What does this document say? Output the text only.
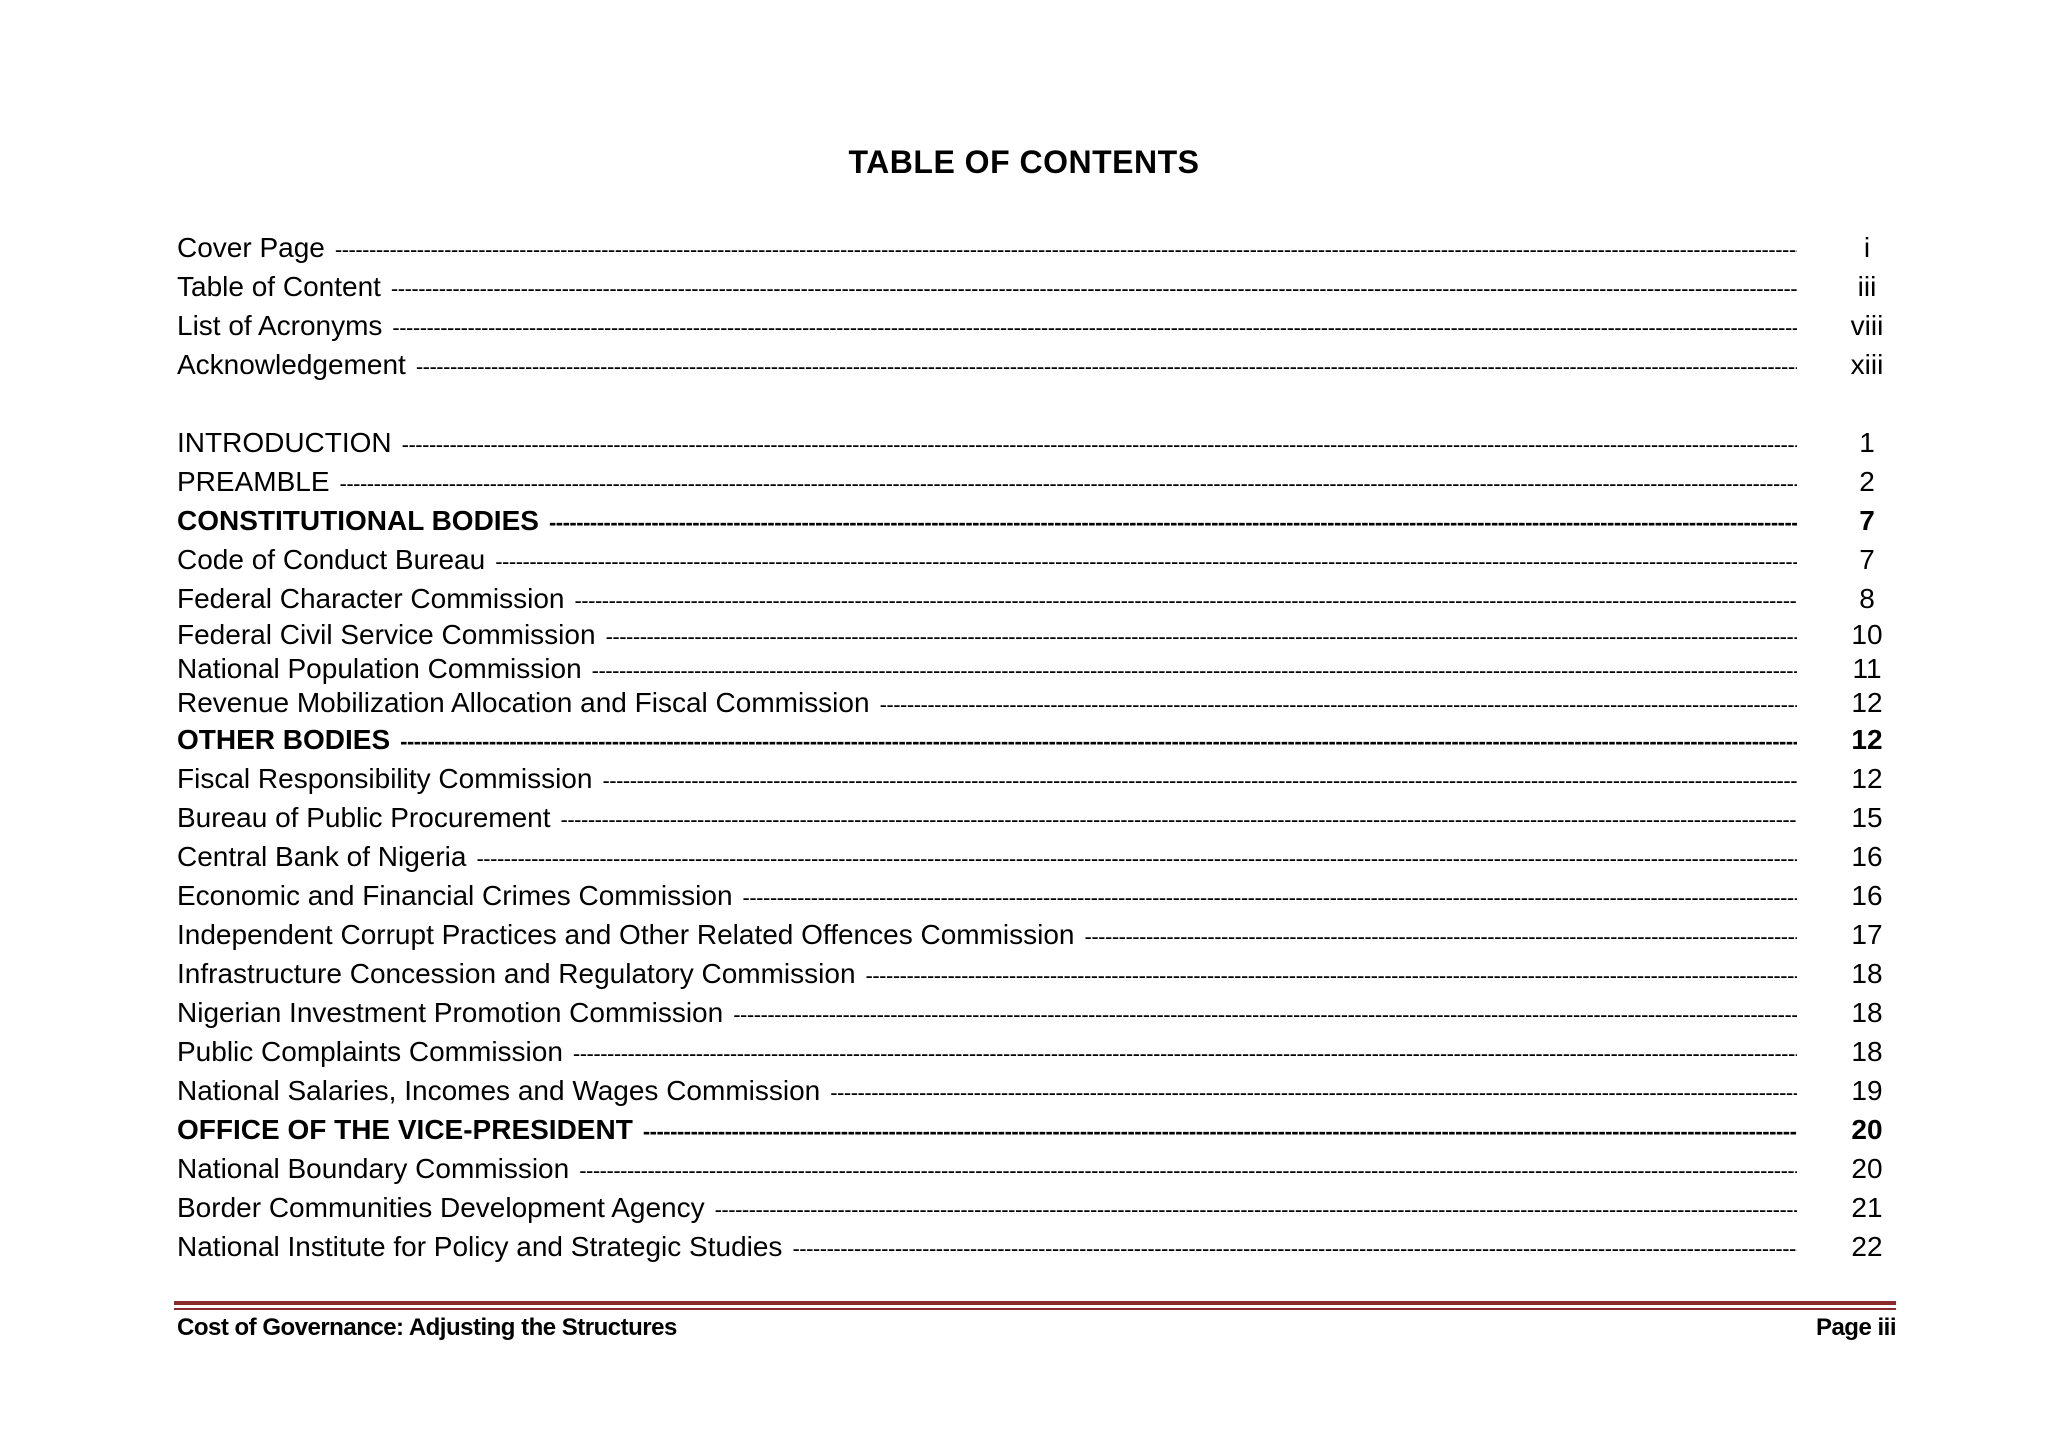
TABLE OF CONTENTS
Cover Page -----	i
Table of Content -----	iii
List of Acronyms -----	viii
Acknowledgement -----	xiii
INTRODUCTION -----	1
PREAMBLE -----	2
CONSTITUTIONAL BODIES -----	7
Code of Conduct Bureau -----	7
Federal Character Commission -----	8
Federal Civil Service Commission -----	10
National Population Commission -----	11
Revenue Mobilization Allocation and Fiscal Commission -----	12
OTHER BODIES -----	12
Fiscal Responsibility Commission -----	12
Bureau of Public Procurement -----	15
Central Bank of Nigeria -----	16
Economic and Financial Crimes Commission -----	16
Independent Corrupt Practices and Other Related Offences Commission -----	17
Infrastructure Concession and Regulatory Commission -----	18
Nigerian Investment Promotion Commission -----	18
Public Complaints Commission -----	18
National Salaries, Incomes and Wages Commission -----	19
OFFICE OF THE VICE-PRESIDENT -----	20
National Boundary Commission -----	20
Border Communities Development Agency -----	21
National Institute for Policy and Strategic Studies -----	22
Cost of Governance: Adjusting the Structures	Page iii
